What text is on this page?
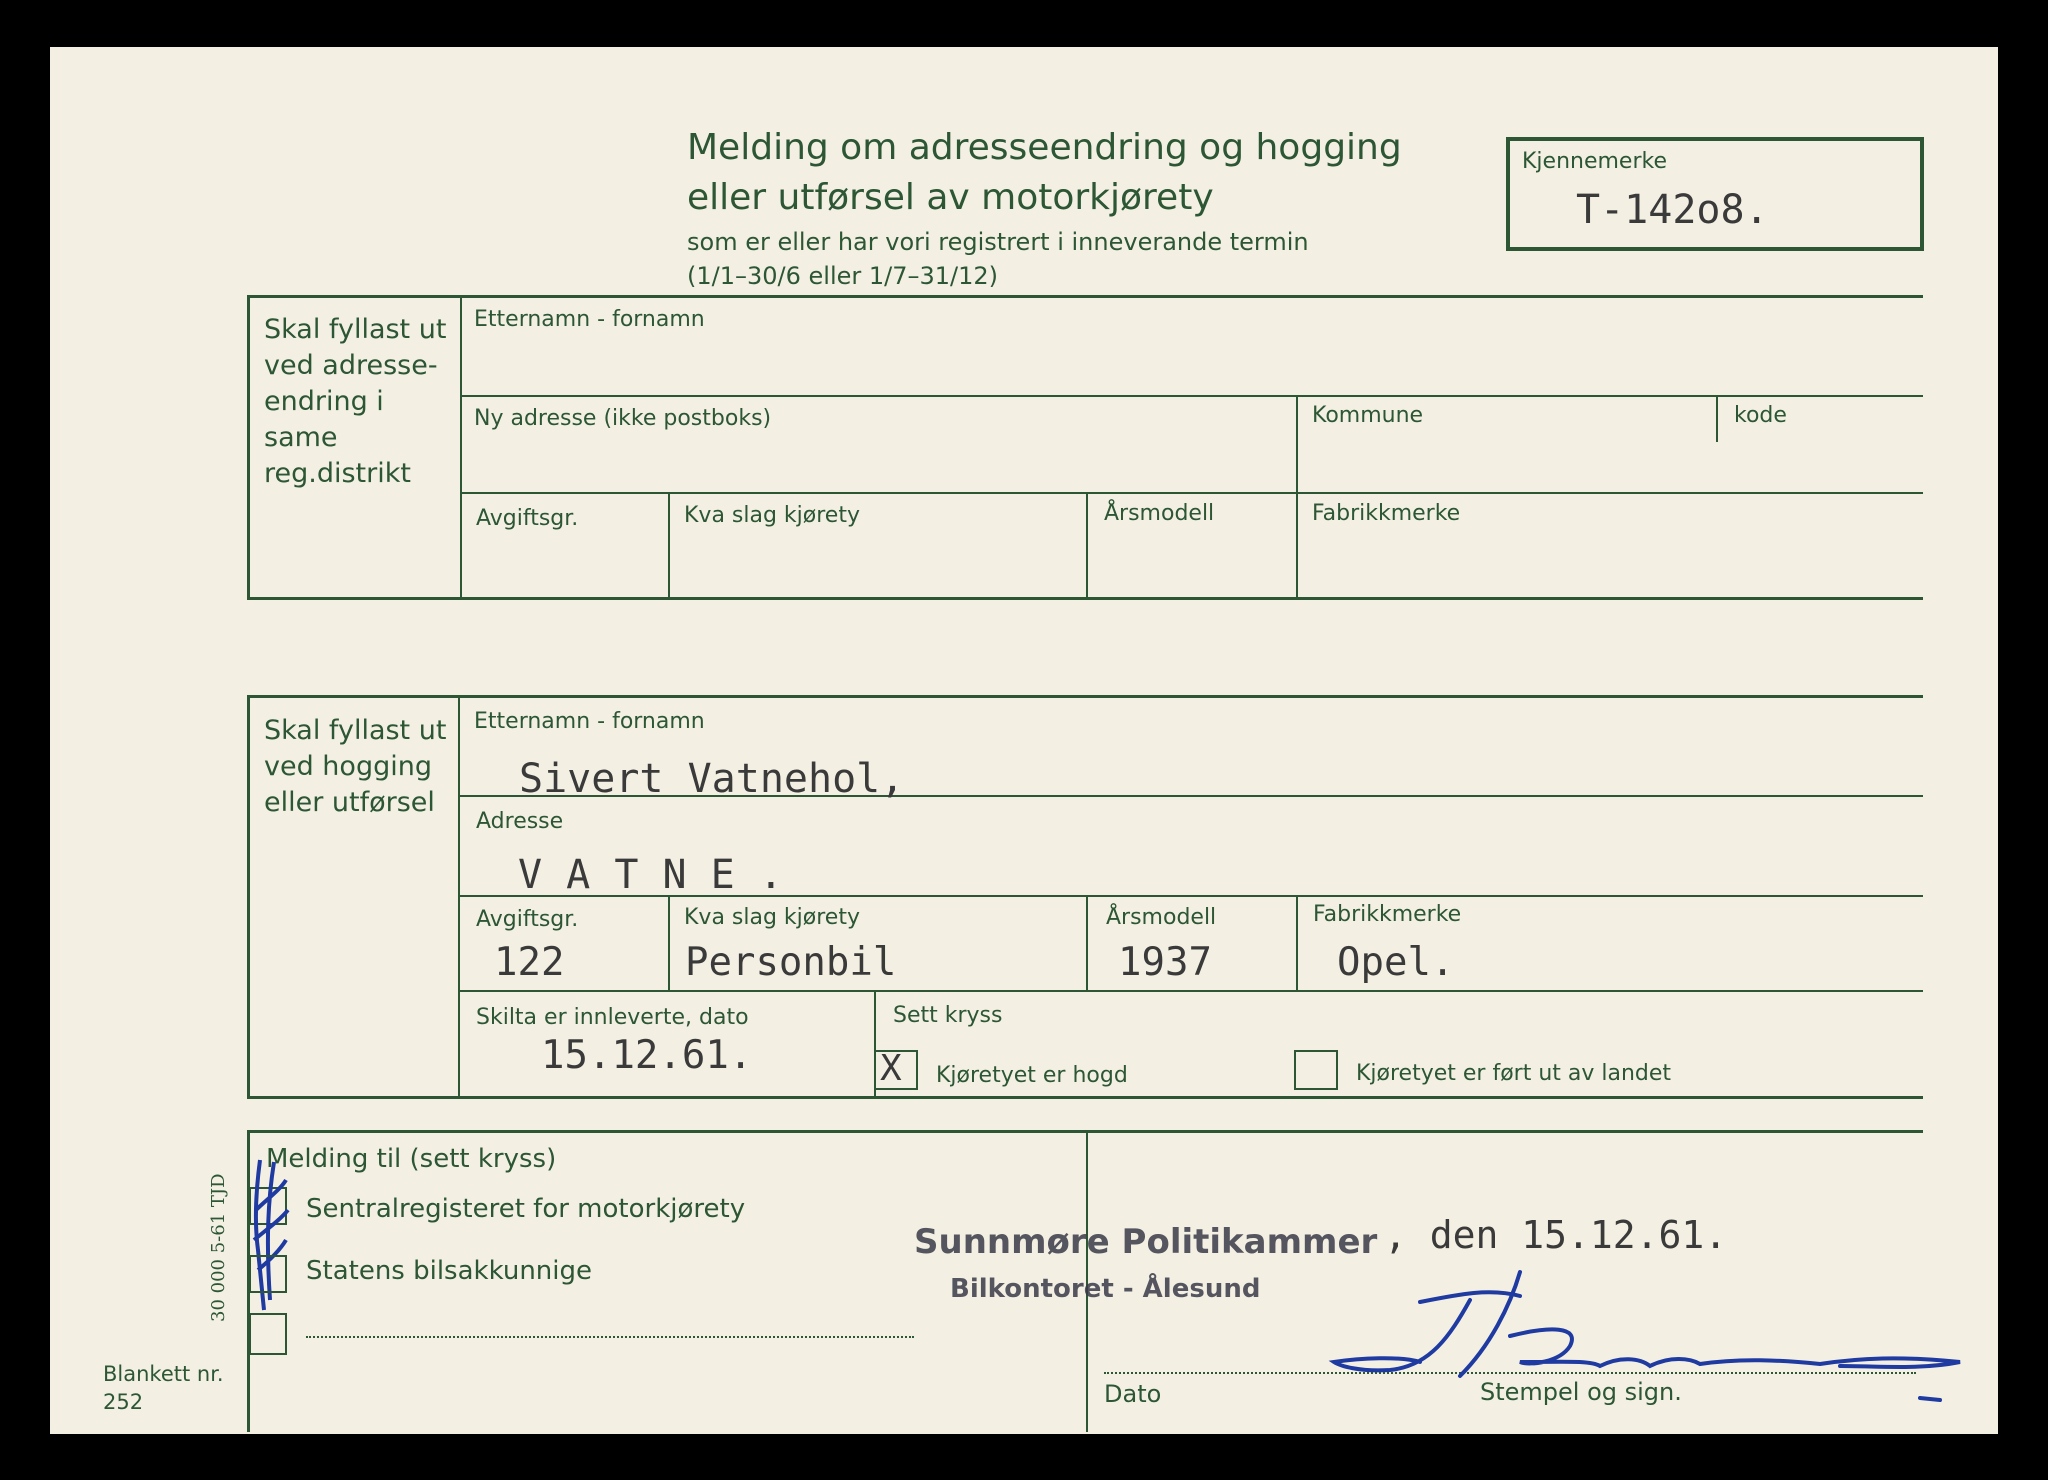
Melding om adresseendring og hogging
eller utførsel av motorkjørety
som er eller har vori registrert i inneverande termin
(1/1–30/6 eller 1/7–31/12)
Kjennemerke
T-142o8.
Skal fyllast ut
ved adresse-
endring i same
reg.distrikt
Etternamn - fornamn
Ny adresse (ikke postboks)	Kommune	kode
Avgiftsgr.	Kva slag kjørety	Årsmodell	Fabrikkmerke
Skal fyllast ut
ved hogging
eller utførsel
Etternamn - fornamn
Sivert Vatnehol,
Adresse
V A T N E .
Avgiftsgr.
122
Kva slag kjørety
Personbil
Årsmodell
1937
Fabrikkmerke
Opel.
Skilta er innleverte, dato
15.12.61.
Sett kryss
X Kjøretyet er hogd	Kjøretyet er ført ut av landet
Melding til (sett kryss)
Sentralregisteret for motorkjørety
Statens bilsakkunnige
Sunnmøre Politikammer
Bilkontoret - Ålesund
, den 15.12.61.
Dato	Stempel og sign.
Blankett nr.
252
30 000 5-61 TJD
